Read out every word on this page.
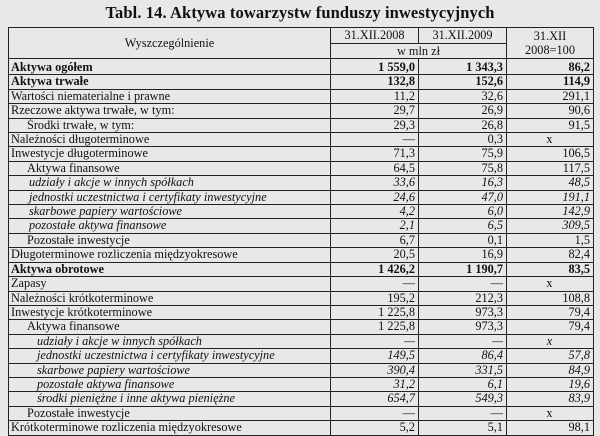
Tabl. 14. Aktywa towarzystw funduszy inwestycyjnych
Wyszczególnienie	31.XII.2008	31.XII.2009	31.XII
2008=100

	w mln zł		

Aktywa ogółem	1 559,0	1 343,3	86,2
Aktywa trwałe	132,8	152,6	114,9
Wartości niematerialne i prawne	11,2	32,6	291,1
Rzeczowe aktywa trwałe, w tym:	29,7	26,9	90,6
Środki trwałe, w tym:	29,3	26,8	91,5
Należności długoterminowe	—	0,3	x
Inwestycje długoterminowe	71,3	75,9	106,5
Aktywa finansowe	64,5	75,8	117,5
udziały i akcje w innych spółkach	33,6	16,3	48,5
jednostki uczestnictwa i certyfikaty inwestycyjne	24,6	47,0	191,1
skarbowe papiery wartościowe	4,2	6,0	142,9
pozostałe aktywa finansowe	2,1	6,5	309,5
Pozostałe inwestycje	6,7	0,1	1,5
Długoterminowe rozliczenia międzyokresowe	20,5	16,9	82,4
Aktywa obrotowe	1 426,2	1 190,7	83,5
Zapasy	—	—	x
Należności krótkoterminowe	195,2	212,3	108,8
Inwestycje krótkoterminowe	1 225,8	973,3	79,4
Aktywa finansowe	1 225,8	973,3	79,4
udziały i akcje w innych spółkach	—	—	x
jednostki uczestnictwa i certyfikaty inwestycyjne	149,5	86,4	57,8
skarbowe papiery wartościowe	390,4	331,5	84,9
pozostałe aktywa finansowe	31,2	6,1	19,6
środki pieniężne i inne aktywa pieniężne	654,7	549,3	83,9
Pozostałe inwestycje	—	—	x
Krótkoterminowe rozliczenia międzyokresowe	5,2	5,1	98,1
